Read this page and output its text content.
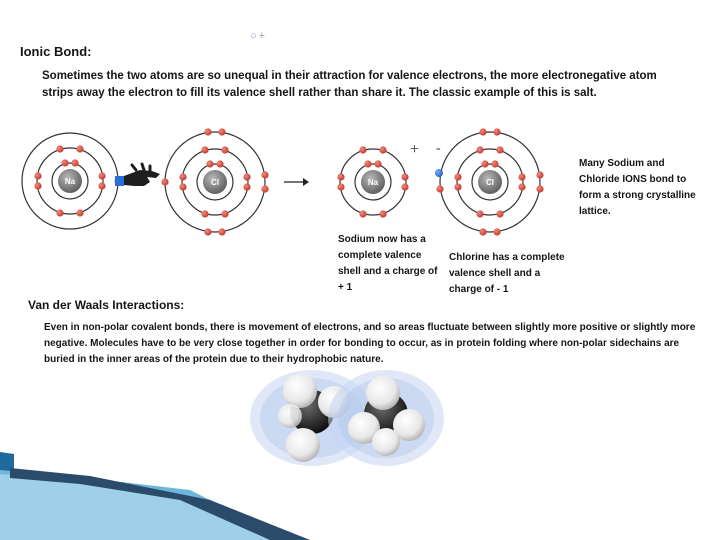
○+
Ionic Bond:
Sometimes the two atoms are so unequal in their attraction for valence electrons, the more electronegative atom strips away the electron to fill its valence shell rather than share it. The classic example of this is salt.
Na	Cl	Na
+ -
Cl
Sodium now has a complete valence shell and a charge of + 1
Chlorine has a complete valence shell and a charge of - 1
Many Sodium and Chloride IONS bond to form a strong crystalline lattice.
Van der Waals Interactions:
Even in non-polar covalent bonds, there is movement of electrons, and so areas fluctuate between slightly more positive or slightly more negative. Molecules have to be very close together in order for bonding to occur, as in protein folding where non-polar sidechains are buried in the inner areas of the protein due to their hydrophobic nature.
